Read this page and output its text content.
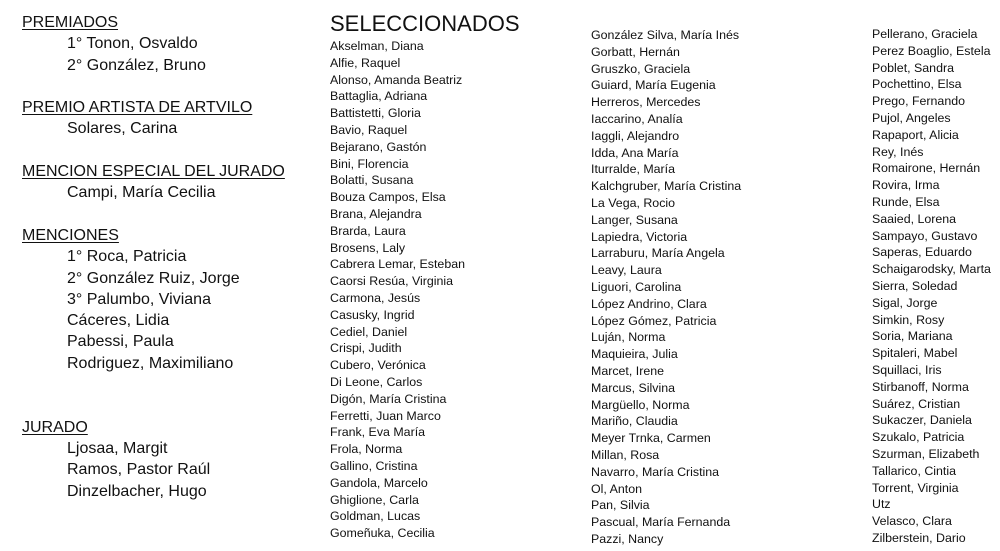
PREMIADOS
1° Tonon, Osvaldo
2° González, Bruno
PREMIO ARTISTA DE ARTVILO
Solares, Carina
MENCION ESPECIAL DEL JURADO
Campi, María Cecilia
MENCIONES
1° Roca, Patricia
2° González Ruiz, Jorge
3° Palumbo, Viviana
Cáceres, Lidia
Pabessi, Paula
Rodriguez, Maximiliano
JURADO
Ljosaa, Margit
Ramos, Pastor Raúl
Dinzelbacher, Hugo
SELECCIONADOS
Akselman, Diana
Alfie, Raquel
Alonso, Amanda Beatriz
Battaglia, Adriana
Battistetti, Gloria
Bavio, Raquel
Bejarano, Gastón
Bini, Florencia
Bolatti, Susana
Bouza Campos, Elsa
Brana, Alejandra
Brarda, Laura
Brosens, Laly
Cabrera Lemar, Esteban
Caorsi Resúa, Virginia
Carmona, Jesús
Casusky, Ingrid
Cediel, Daniel
Crispi, Judith
Cubero, Verónica
Di Leone, Carlos
Digón, María Cristina
Ferretti, Juan Marco
Frank, Eva María
Frola, Norma
Gallino, Cristina
Gandola, Marcelo
Ghiglione, Carla
Goldman, Lucas
Gomeñuka, Cecilia
González Silva, María Inés
Gorbatt, Hernán
Gruszko, Graciela
Guiard, María Eugenia
Herreros, Mercedes
Iaccarino, Analía
Iaggli, Alejandro
Idda, Ana María
Iturralde, María
Kalchgruber, María Cristina
La Vega, Rocio
Langer, Susana
Lapiedra, Victoria
Larraburu, María Angela
Leavy, Laura
Liguori, Carolina
López Andrino, Clara
López Gómez, Patricia
Luján, Norma
Maquieira, Julia
Marcet, Irene
Marcus, Silvina
Margüello, Norma
Mariño, Claudia
Meyer Trnka, Carmen
Millan, Rosa
Navarro, María Cristina
Ol, Anton
Pan, Silvia
Pascual, María Fernanda
Pazzi, Nancy
Pellerano, Graciela
Perez Boaglio, Estela
Poblet, Sandra
Pochettino, Elsa
Prego, Fernando
Pujol, Angeles
Rapaport, Alicia
Rey, Inés
Romairone, Hernán
Rovira, Irma
Runde, Elsa
Saaied, Lorena
Sampayo, Gustavo
Saperas, Eduardo
Schaigarodsky, Marta
Sierra, Soledad
Sigal, Jorge
Simkin, Rosy
Soria, Mariana
Spitaleri, Mabel
Squillaci, Iris
Stirbanoff, Norma
Suárez, Cristian
Sukaczer, Daniela
Szukalo, Patricia
Szurman, Elizabeth
Tallarico, Cintia
Torrent, Virginia
Utz
Velasco, Clara
Zilberstein, Dario
